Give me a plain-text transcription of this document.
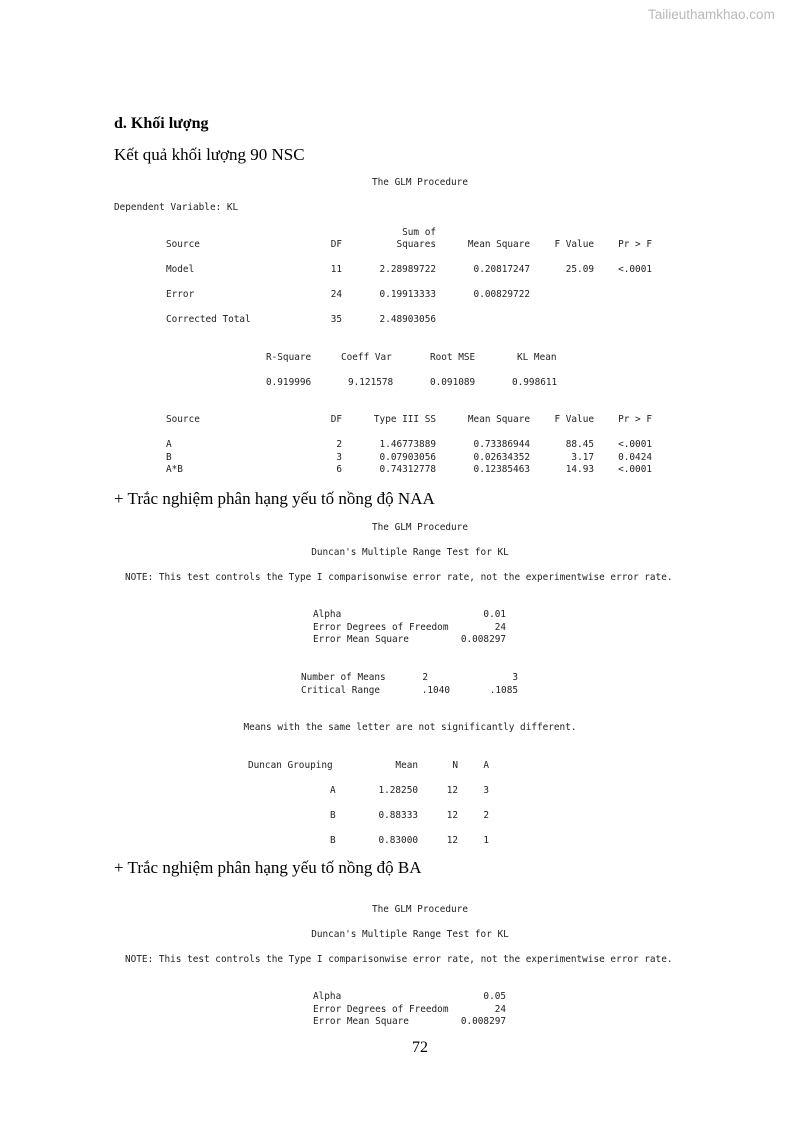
Tailieuthamkhao.com
d. Khối lượng
Kết quả khối lượng 90 NSC
The GLM Procedure
Dependent Variable: KL
Sum of
Source	DF	Squares	Mean Square	F Value	Pr > F
Model	11	2.28989722	0.20817247	25.09	<.0001
Error	24	0.19913333	0.00829722
Corrected Total	35	2.48903056
R-Square	Coeff Var	Root MSE	KL Mean
0.919996	9.121578	0.091089	0.998611
Source	DF	Type III SS	Mean Square	F Value	Pr > F
A	2	1.46773889	0.73386944	88.45	<.0001
B	3	0.07903056	0.02634352	3.17	0.0424
A*B	6	0.74312778	0.12385463	14.93	<.0001
+ Trắc nghiệm phân hạng yếu tố nồng độ NAA
The GLM Procedure
Duncan's Multiple Range Test for KL
NOTE: This test controls the Type I comparisonwise error rate, not the experimentwise error rate.
Alpha	0.01
Error Degrees of Freedom	24
Error Mean Square	0.008297
Number of Means	2	3
Critical Range	.1040	.1085
Means with the same letter are not significantly different.
Duncan Grouping	Mean	N	A
A	1.28250	12	3
B	0.88333	12	2
B	0.83000	12	1
+ Trắc nghiệm phân hạng yếu tố nồng độ BA
The GLM Procedure
Duncan's Multiple Range Test for KL
NOTE: This test controls the Type I comparisonwise error rate, not the experimentwise error rate.
Alpha	0.05
Error Degrees of Freedom	24
Error Mean Square	0.008297
72
